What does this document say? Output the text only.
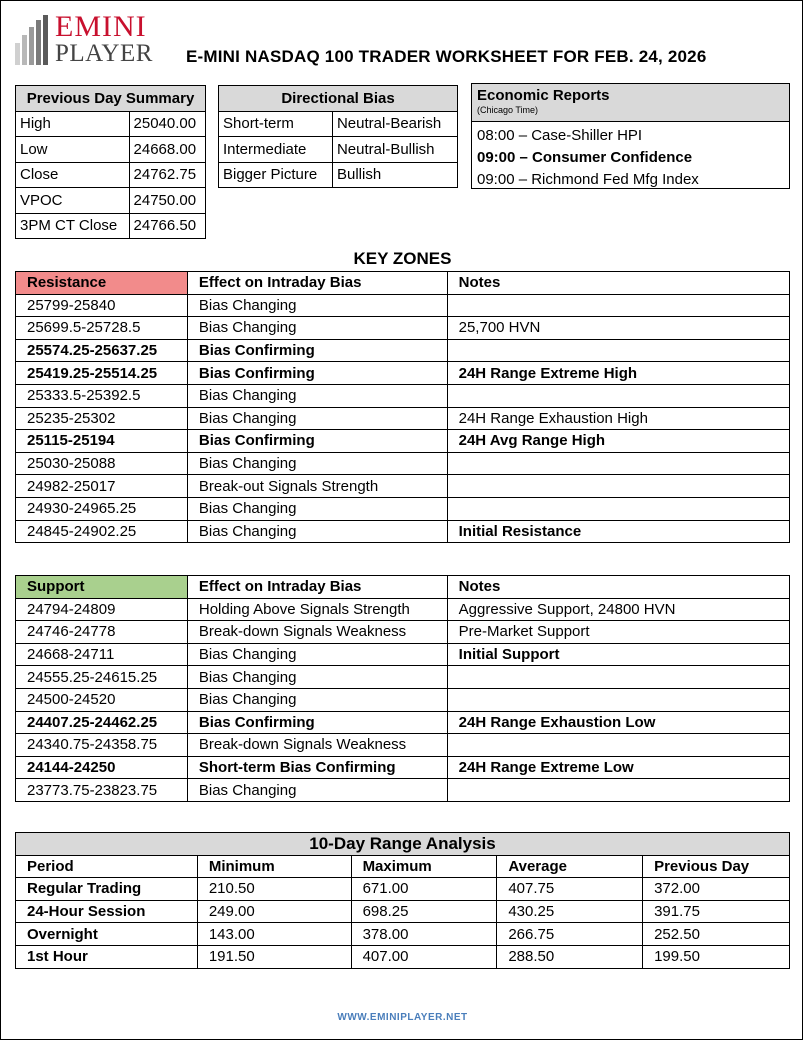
EMINI
PLAYER E-MINI NASDAQ 100 TRADER WORKSHEET FOR FEB. 24, 2026
Previous Day Summary	
High	25040.00
Low	24668.00
Close	24762.75
VPOC	24750.00
3PM CT Close	24766.50
Directional Bias	
Short-term	Neutral-Bearish
Intermediate	Neutral-Bullish
Bigger Picture	Bullish
Economic Reports
(Chicago Time)
08:00 – Case-Shiller HPI
09:00 – Consumer Confidence
09:00 – Richmond Fed Mfg Index
KEY ZONES
Resistance	Effect on Intraday Bias	Notes
25799-25840	Bias Changing	
25699.5-25728.5	Bias Changing	25,700 HVN
25574.25-25637.25	Bias Confirming	
25419.25-25514.25	Bias Confirming	24H Range Extreme High
25333.5-25392.5	Bias Changing	
25235-25302	Bias Changing	24H Range Exhaustion High
25115-25194	Bias Confirming	24H Avg Range High
25030-25088	Bias Changing	
24982-25017	Break-out Signals Strength	
24930-24965.25	Bias Changing	
24845-24902.25	Bias Changing	Initial Resistance
Support	Effect on Intraday Bias	Notes
24794-24809	Holding Above Signals Strength	Aggressive Support, 24800 HVN
24746-24778	Break-down Signals Weakness	Pre-Market Support
24668-24711	Bias Changing	Initial Support
24555.25-24615.25	Bias Changing	
24500-24520	Bias Changing	
24407.25-24462.25	Bias Confirming	24H Range Exhaustion Low
24340.75-24358.75	Break-down Signals Weakness	
24144-24250	Short-term Bias Confirming	24H Range Extreme Low
23773.75-23823.75	Bias Changing	
10-Day Range Analysis				
Period	Minimum	Maximum	Average	Previous Day
Regular Trading	210.50	671.00	407.75	372.00
24-Hour Session	249.00	698.25	430.25	391.75
Overnight	143.00	378.00	266.75	252.50
1st Hour	191.50	407.00	288.50	199.50
WWW.EMINIPLAYER.NET
